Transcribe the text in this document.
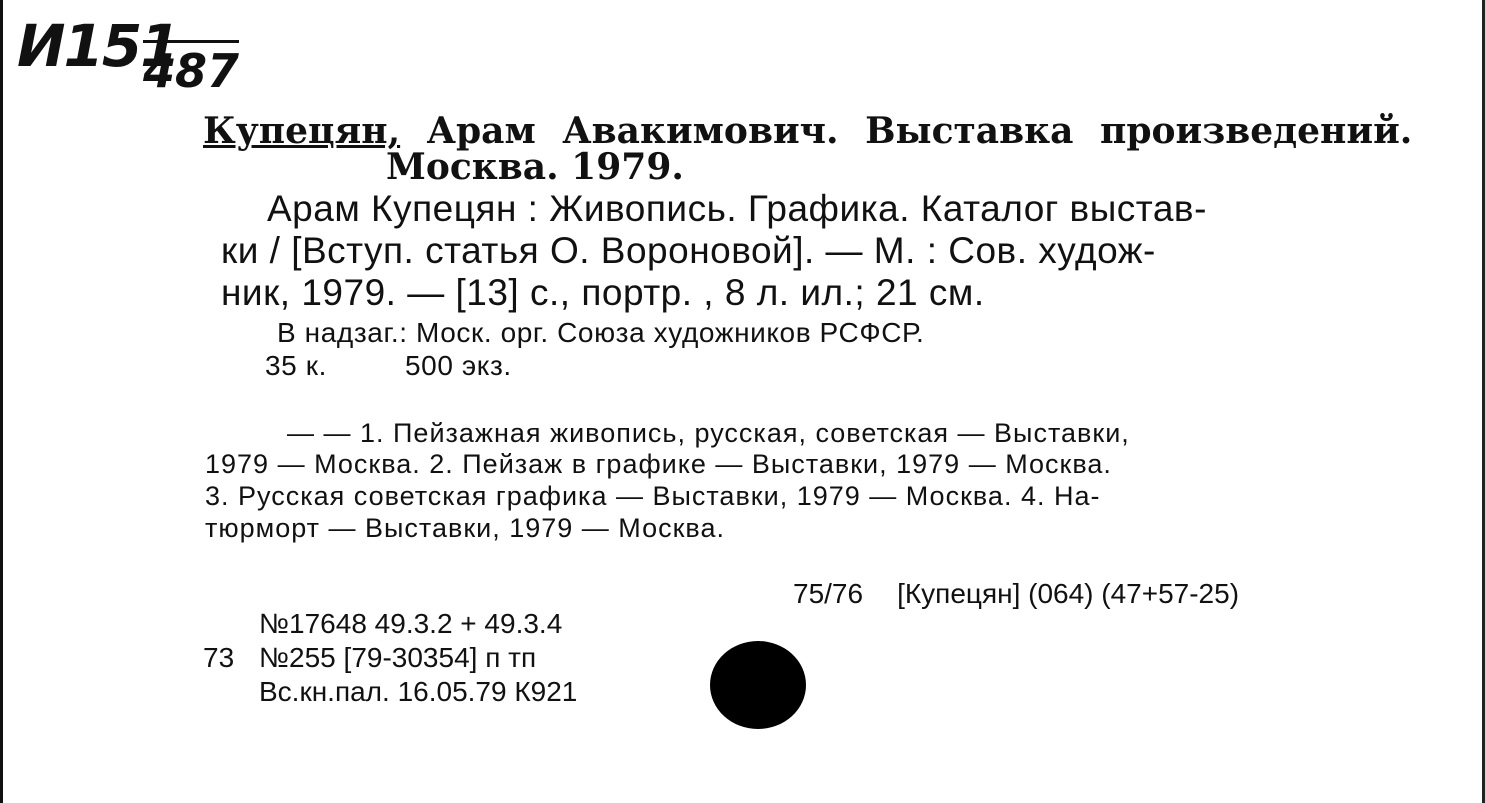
И151
487
Купецян, Арам Авакимович. Выставка произведений.
Москва. 1979.
Арам Купецян : Живопись. Графика. Каталог выстав-
ки / [Вступ. статья О. Вороновой]. — М. : Сов. худож-
ник, 1979. — [13] с., портр. , 8 л. ил.; 21 см.
В надзаг.: Моск. орг. Союза художников РСФСР.
35 к.	500 экз.
— — 1. Пейзажная живопись, русская, советская — Выставки,
1979 — Москва. 2. Пейзаж в графике — Выставки, 1979 — Москва.
3. Русская советская графика — Выставки, 1979 — Москва. 4. На-
тюрморт — Выставки, 1979 — Москва.
75/76 [Купецян] (064) (47+57-25)
№17648 49.3.2 + 49.3.4
73 №255 [79-30354] п тп
Вс.кн.пал. 16.05.79 К921
